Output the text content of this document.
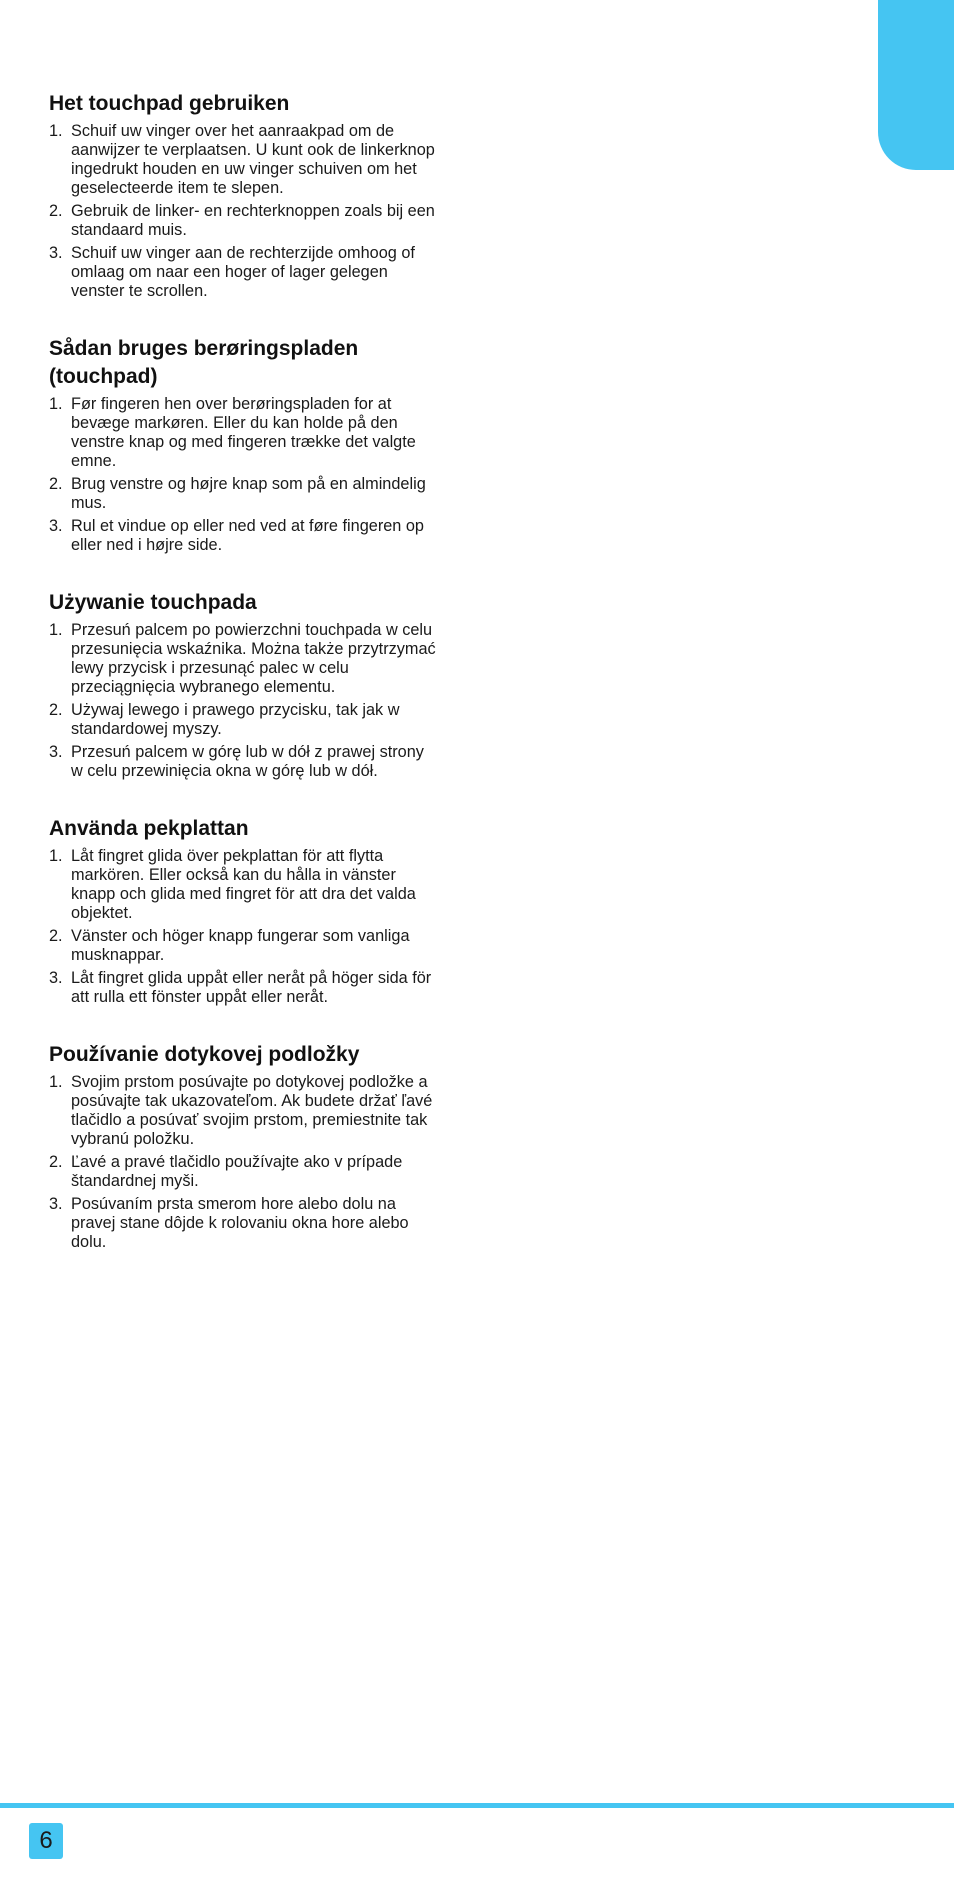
Het touchpad gebruiken
1. Schuif uw vinger over het aanraakpad om de aanwijzer te verplaatsen. U kunt ook de linkerknop ingedrukt houden en uw vinger schuiven om het geselecteerde item te slepen.
2. Gebruik de linker- en rechterknoppen zoals bij een standaard muis.
3. Schuif uw vinger aan de rechterzijde omhoog of omlaag om naar een hoger of lager gelegen venster te scrollen.
Sådan bruges berøringspladen (touchpad)
1. Før fingeren hen over berøringspladen for at bevæge markøren. Eller du kan holde på den venstre knap og med fingeren trække det valgte emne.
2. Brug venstre og højre knap som på en almindelig mus.
3. Rul et vindue op eller ned ved at føre fingeren op eller ned i højre side.
Używanie touchpada
1. Przesuń palcem po powierzchni touchpada w celu przesunięcia wskaźnika. Można także przytrzymać lewy przycisk i przesunąć palec w celu przeciągnięcia wybranego elementu.
2. Używaj lewego i prawego przycisku, tak jak w standardowej myszy.
3. Przesuń palcem w górę lub w dół z prawej strony w celu przewinięcia okna w górę lub w dół.
Använda pekplattan
1. Låt fingret glida över pekplattan för att flytta markören. Eller också kan du hålla in vänster knapp och glida med fingret för att dra det valda objektet.
2. Vänster och höger knapp fungerar som vanliga musknappar.
3. Låt fingret glida uppåt eller neråt på höger sida för att rulla ett fönster uppåt eller neråt.
Používanie dotykovej podložky
1. Svojim prstom posúvajte po dotykovej podložke a posúvajte tak ukazovateľom. Ak budete držať ľavé tlačidlo a posúvať svojim prstom, premiestnite tak vybranú položku.
2. Ľavé a pravé tlačidlo používajte ako v prípade štandardnej myši.
3. Posúvaním prsta smerom hore alebo dolu na pravej stane dôjde k rolovaniu okna hore alebo dolu.
6
